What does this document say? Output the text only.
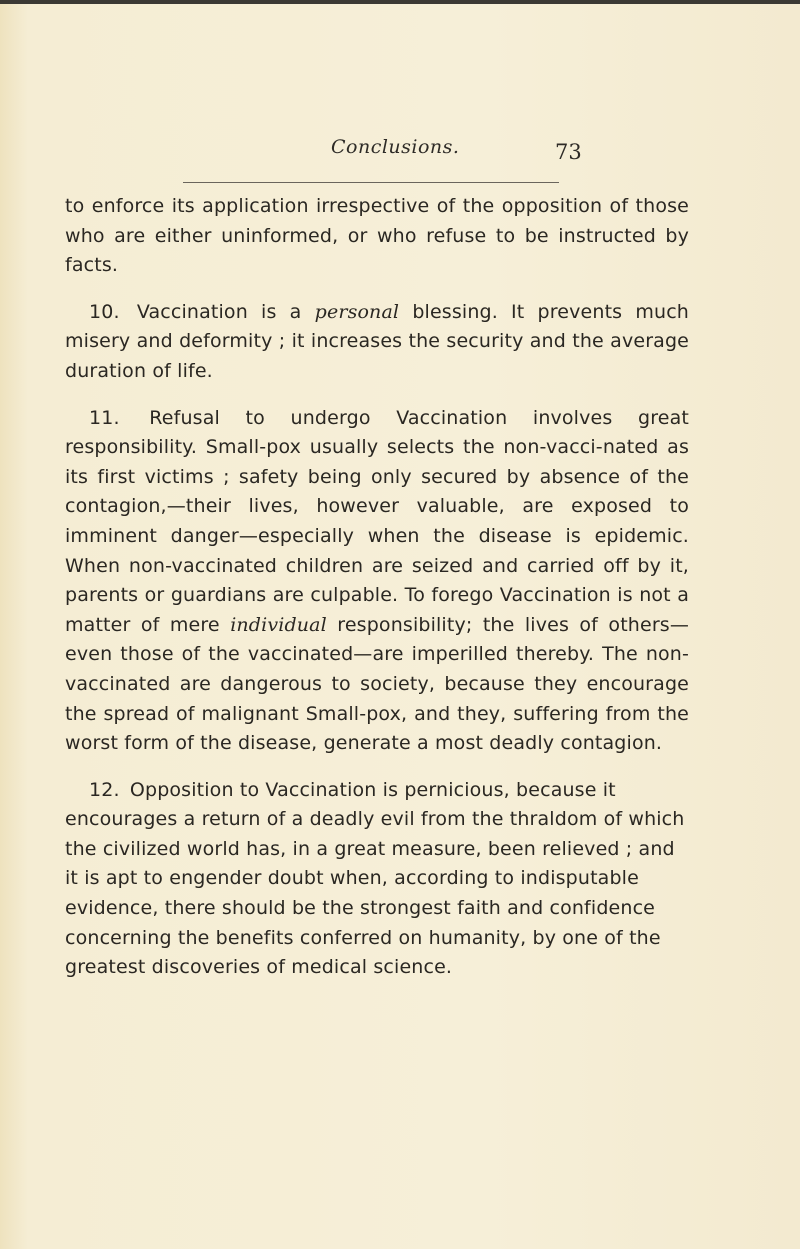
Conclusions.	73

to enforce its application irrespective of the opposition of those who are either uninformed, or who refuse to be instructed by facts.

10. Vaccination is a personal blessing. It prevents much misery and deformity ; it increases the security and the average duration of life.

11. Refusal to undergo Vaccination involves great responsibility. Small-pox usually selects the non-vacci-nated as its first victims ; safety being only secured by absence of the contagion,—their lives, however valuable, are exposed to imminent danger—especially when the disease is epidemic. When non-vaccinated children are seized and carried off by it, parents or guardians are culpable. To forego Vaccination is not a matter of mere individual responsibility; the lives of others—even those of the vaccinated—are imperilled thereby. The non-vaccinated are dangerous to society, because they encourage the spread of malignant Small-pox, and they, suffering from the worst form of the disease, generate a most deadly contagion.

12. Opposition to Vaccination is pernicious, because it encourages a return of a deadly evil from the thraldom of which the civilized world has, in a great measure, been relieved ; and it is apt to engender doubt when, according to indisputable evidence, there should be the strongest faith and confidence concerning the benefits conferred on humanity, by one of the greatest discoveries of medical science.
